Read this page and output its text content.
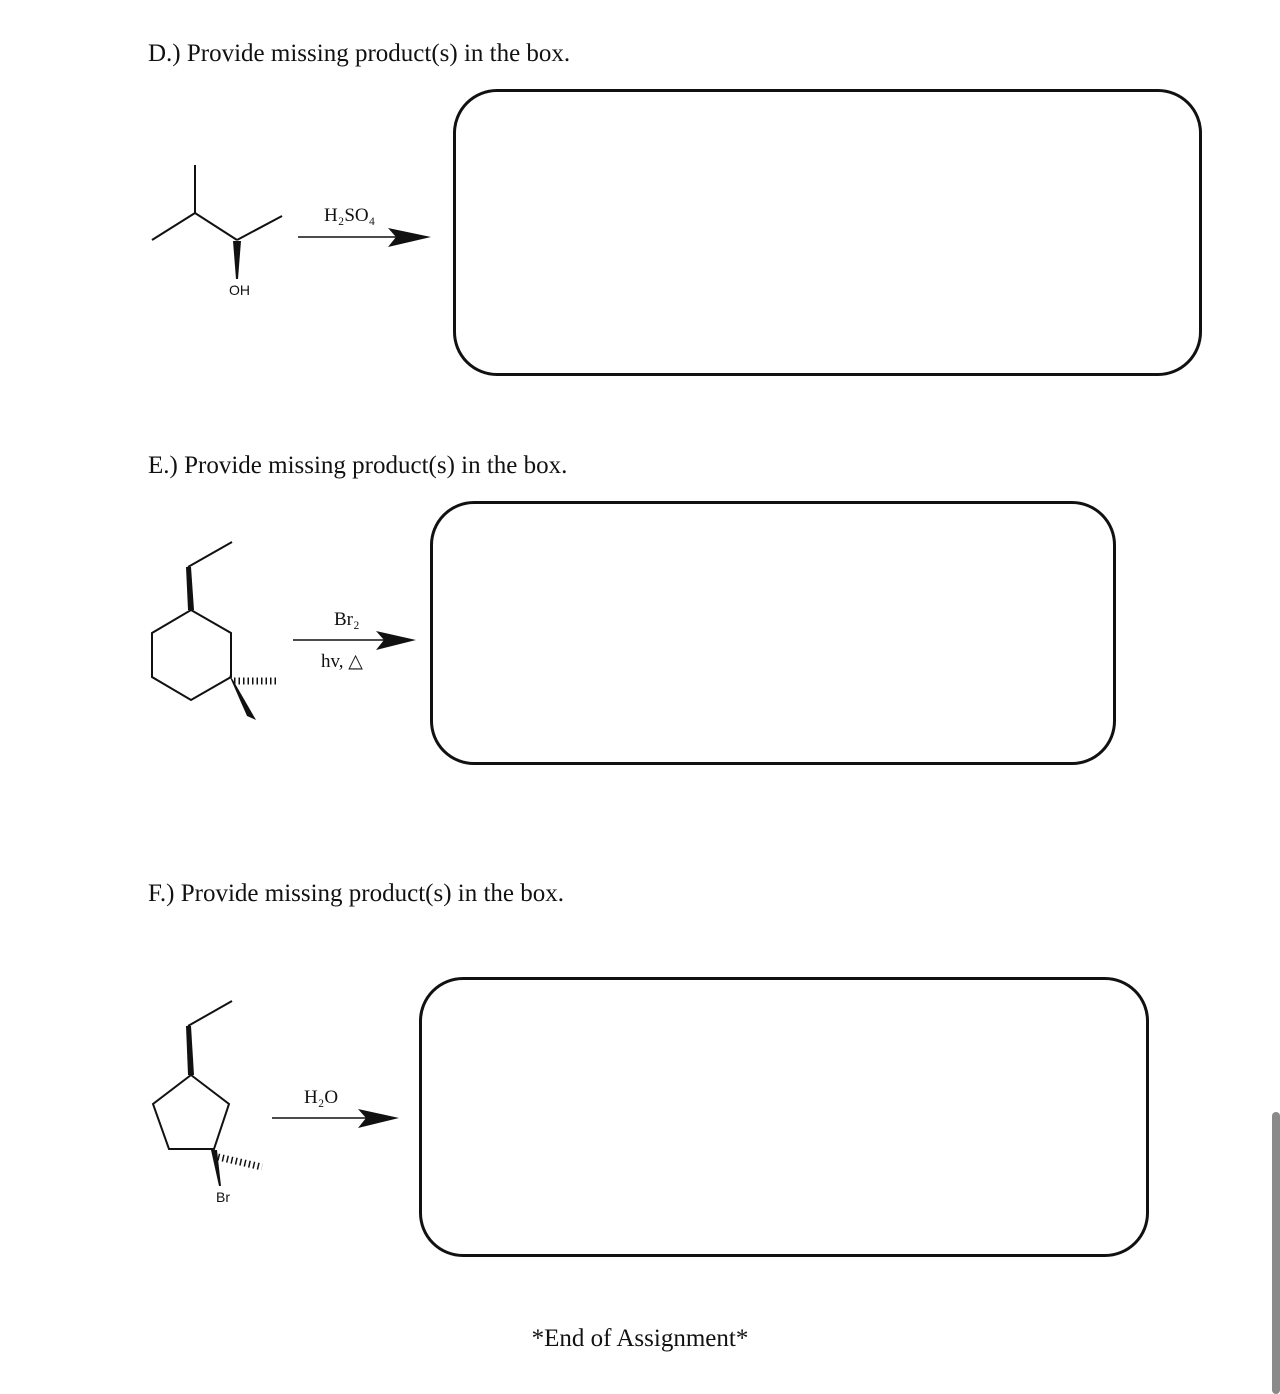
D.) Provide missing product(s) in the box.
OH
H₂SO₄
E.) Provide missing product(s) in the box.
Br₂
hv, △
F.) Provide missing product(s) in the box.
Br
H₂O
*End of Assignment*
